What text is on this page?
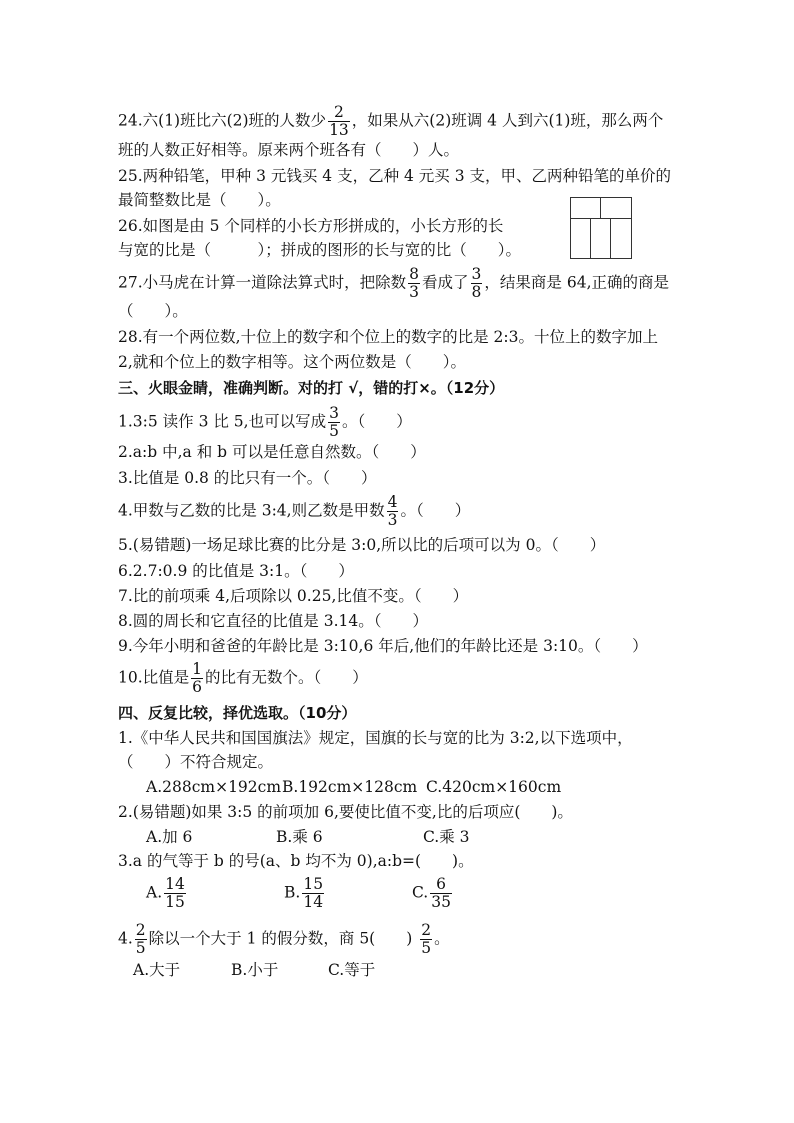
24.六(1)班比六(2)班的人数少 $\frac{2}{13}$ ，如果从六(2)班调 4 人到六(1)班，那么两个
班的人数正好相等。原来两个班各有（　　）人。
25.两种铅笔，甲种 3 元钱买 4 支，乙种 4 元买 3 支，甲、乙两种铅笔的单价的
最简整数比是（　　）。
26.如图是由 5 个同样的小长方形拼成的，小长方形的长
与宽的比是（　　　）；拼成的图形的长与宽的比（　　）。
27.小马虎在计算一道除法算式时，把除数 $\frac{8}{3}$ 看成了 $\frac{3}{8}$ ，结果商是 64,正确的商是
（　　）。
28.有一个两位数,十位上的数字和个位上的数字的比是 2:3。十位上的数字加上
2,就和个位上的数字相等。这个两位数是（　　）。
三、火眼金睛，准确判断。对的打 √，错的打×。（12分）
1.3:5 读作 3 比 5,也可以写成 $\frac{3}{5}$ 。（　　）
2.a:b 中,a 和 b 可以是任意自然数。（　　）
3.比值是 0.8 的比只有一个。（　　）
4.甲数与乙数的比是 3:4,则乙数是甲数 $\frac{4}{3}$ 。（　　）
5.(易错题)一场足球比赛的比分是 3:0,所以比的后项可以为 0。（　　）
6.2.7:0.9 的比值是 3:1。（　　）
7.比的前项乘 4,后项除以 0.25,比值不变。（　　）
8.圆的周长和它直径的比值是 3.14。（　　）
9.今年小明和爸爸的年龄比是 3:10,6 年后,他们的年龄比还是 3:10。（　　）
10.比值是 $\frac{1}{6}$ 的比有无数个。（　　）
四、反复比较，择优选取。（10分）
1.《中华人民共和国国旗法》规定，国旗的长与宽的比为 3:2,以下选项中，
（　　）不符合规定。
A.288cm×192cmB.192cm×128cm C.420cm×160cm
2.(易错题)如果 3:5 的前项加 6,要使比值不变,比的后项应(　　)。
A.加 6	B.乘 6	C.乘 3
3.a 的气等于 b 的号(a、b 均不为 0),a:b=(　　)。
A. $\frac{14}{15}$	B. $\frac{15}{14}$	C. $\frac{6}{35}$
4. $\frac{2}{5}$ 除以一个大于 1 的假分数，商 5(　　) $\frac{2}{5}$ 。
A.大于	B.小于	C.等于
